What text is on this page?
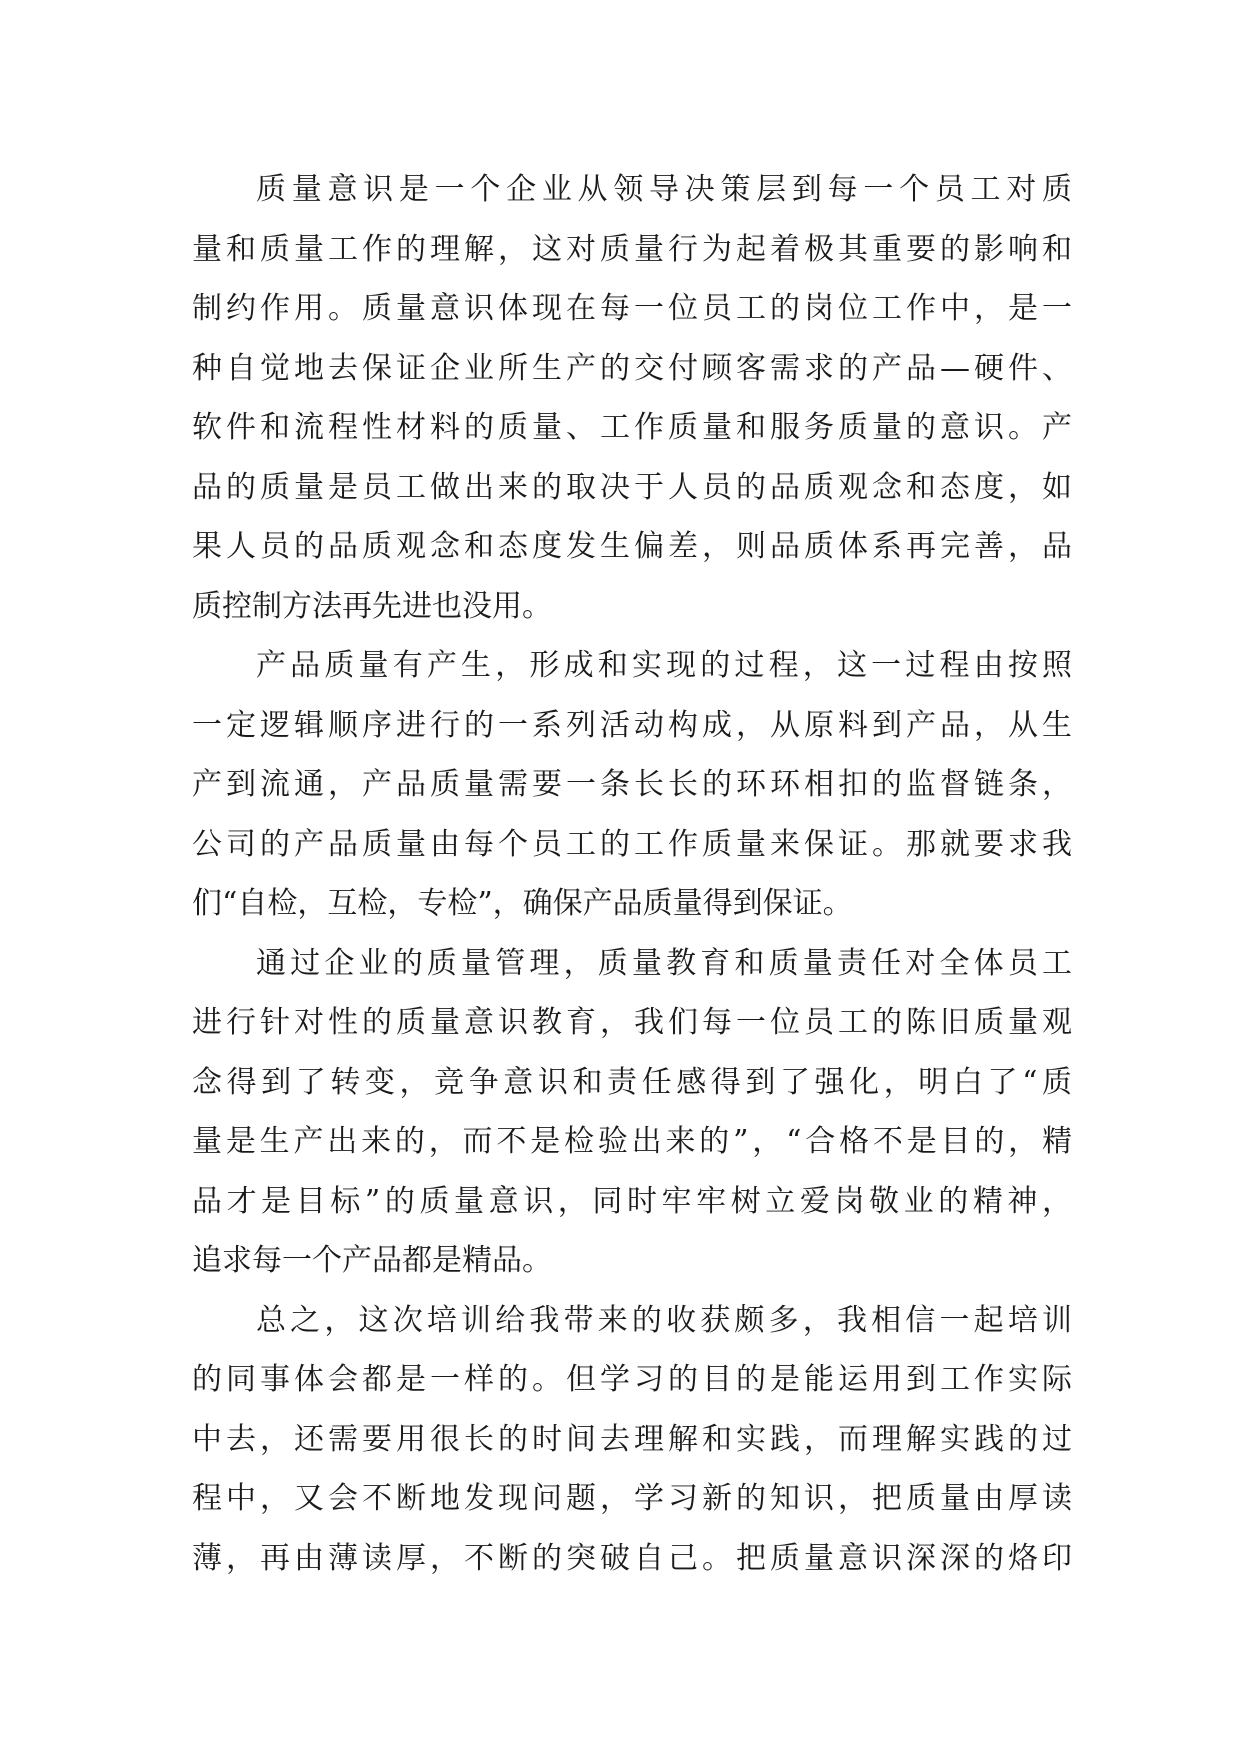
质量意识是一个企业从领导决策层到每一个员工对质
量和质量工作的理解，这对质量行为起着极其重要的影响和
制约作用。质量意识体现在每一位员工的岗位工作中，是一
种自觉地去保证企业所生产的交付顾客需求的产品—硬件、
软件和流程性材料的质量、工作质量和服务质量的意识。产
品的质量是员工做出来的取决于人员的品质观念和态度，如
果人员的品质观念和态度发生偏差，则品质体系再完善，品
质控制方法再先进也没用。
产品质量有产生，形成和实现的过程，这一过程由按照
一定逻辑顺序进行的一系列活动构成，从原料到产品，从生
产到流通，产品质量需要一条长长的环环相扣的监督链条，
公司的产品质量由每个员工的工作质量来保证。那就要求我
们“自检，互检，专检”，确保产品质量得到保证。
通过企业的质量管理，质量教育和质量责任对全体员工
进行针对性的质量意识教育，我们每一位员工的陈旧质量观
念得到了转变，竞争意识和责任感得到了强化，明白了“质
量是生产出来的，而不是检验出来的”，“合格不是目的，精
品才是目标”的质量意识，同时牢牢树立爱岗敬业的精神，
追求每一个产品都是精品。
总之，这次培训给我带来的收获颇多，我相信一起培训
的同事体会都是一样的。但学习的目的是能运用到工作实际
中去，还需要用很长的时间去理解和实践，而理解实践的过
程中，又会不断地发现问题，学习新的知识，把质量由厚读
薄，再由薄读厚，不断的突破自己。把质量意识深深的烙印
